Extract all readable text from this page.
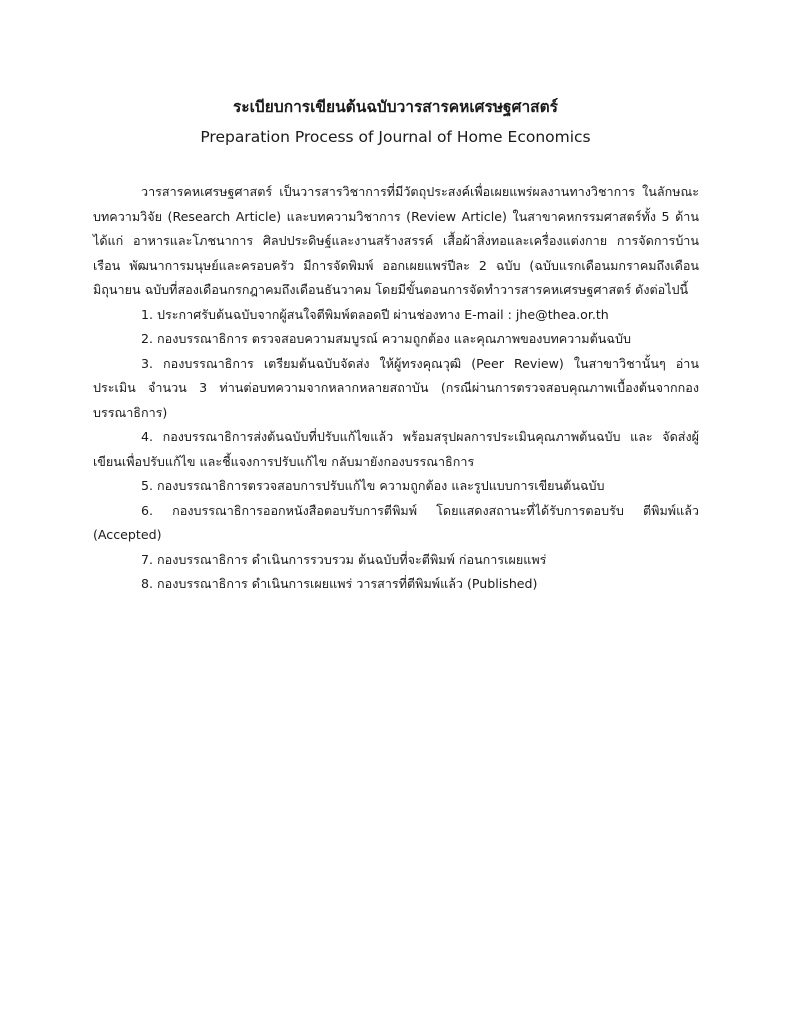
ระเบียบการเขียนต้นฉบับวารสารคหเศรษฐศาสตร์
Preparation Process of Journal of Home Economics

วารสารคหเศรษฐศาสตร์ เป็นวารสารวิชาการที่มีวัตถุประสงค์เพื่อเผยแพร่ผลงานทางวิชาการ ในลักษณะบทความวิจัย (Research Article) และบทความวิชาการ (Review Article) ในสาขาคหกรรมศาสตร์ทั้ง 5 ด้าน ได้แก่ อาหารและโภชนาการ ศิลปประดิษฐ์และงานสร้างสรรค์ เสื้อผ้าสิ่งทอและเครื่องแต่งกาย การจัดการบ้านเรือน พัฒนาการมนุษย์และครอบครัว มีการจัดพิมพ์ ออกเผยแพร่ปีละ 2 ฉบับ (ฉบับแรกเดือนมกราคมถึงเดือนมิถุนายน ฉบับที่สองเดือนกรกฎาคมถึงเดือนธันวาคม โดยมีขั้นตอนการจัดทำวารสารคหเศรษฐศาสตร์ ดังต่อไปนี้

1. ประกาศรับต้นฉบับจากผู้สนใจตีพิมพ์ตลอดปี ผ่านช่องทาง E-mail : jhe@thea.or.th
2. กองบรรณาธิการ ตรวจสอบความสมบูรณ์ ความถูกต้อง และคุณภาพของบทความต้นฉบับ
3. กองบรรณาธิการ เตรียมต้นฉบับจัดส่ง ให้ผู้ทรงคุณวุฒิ (Peer Review) ในสาขาวิชานั้นๆ อ่านประเมิน จำนวน 3 ท่านต่อบทความจากหลากหลายสถาบัน (กรณีผ่านการตรวจสอบคุณภาพเบื้องต้นจากกองบรรณาธิการ)
4. กองบรรณาธิการส่งต้นฉบับที่ปรับแก้ไขแล้ว พร้อมสรุปผลการประเมินคุณภาพต้นฉบับ และ จัดส่งผู้เขียนเพื่อปรับแก้ไข และชี้แจงการปรับแก้ไข กลับมายังกองบรรณาธิการ
5. กองบรรณาธิการตรวจสอบการปรับแก้ไข ความถูกต้อง และรูปแบบการเขียนต้นฉบับ
6. กองบรรณาธิการออกหนังสือตอบรับการตีพิมพ์ โดยแสดงสถานะที่ได้รับการตอบรับ ตีพิมพ์แล้ว (Accepted)
7. กองบรรณาธิการ ดำเนินการรวบรวม ต้นฉบับที่จะตีพิมพ์ ก่อนการเผยแพร่
8. กองบรรณาธิการ ดำเนินการเผยแพร่ วารสารที่ตีพิมพ์แล้ว (Published)
